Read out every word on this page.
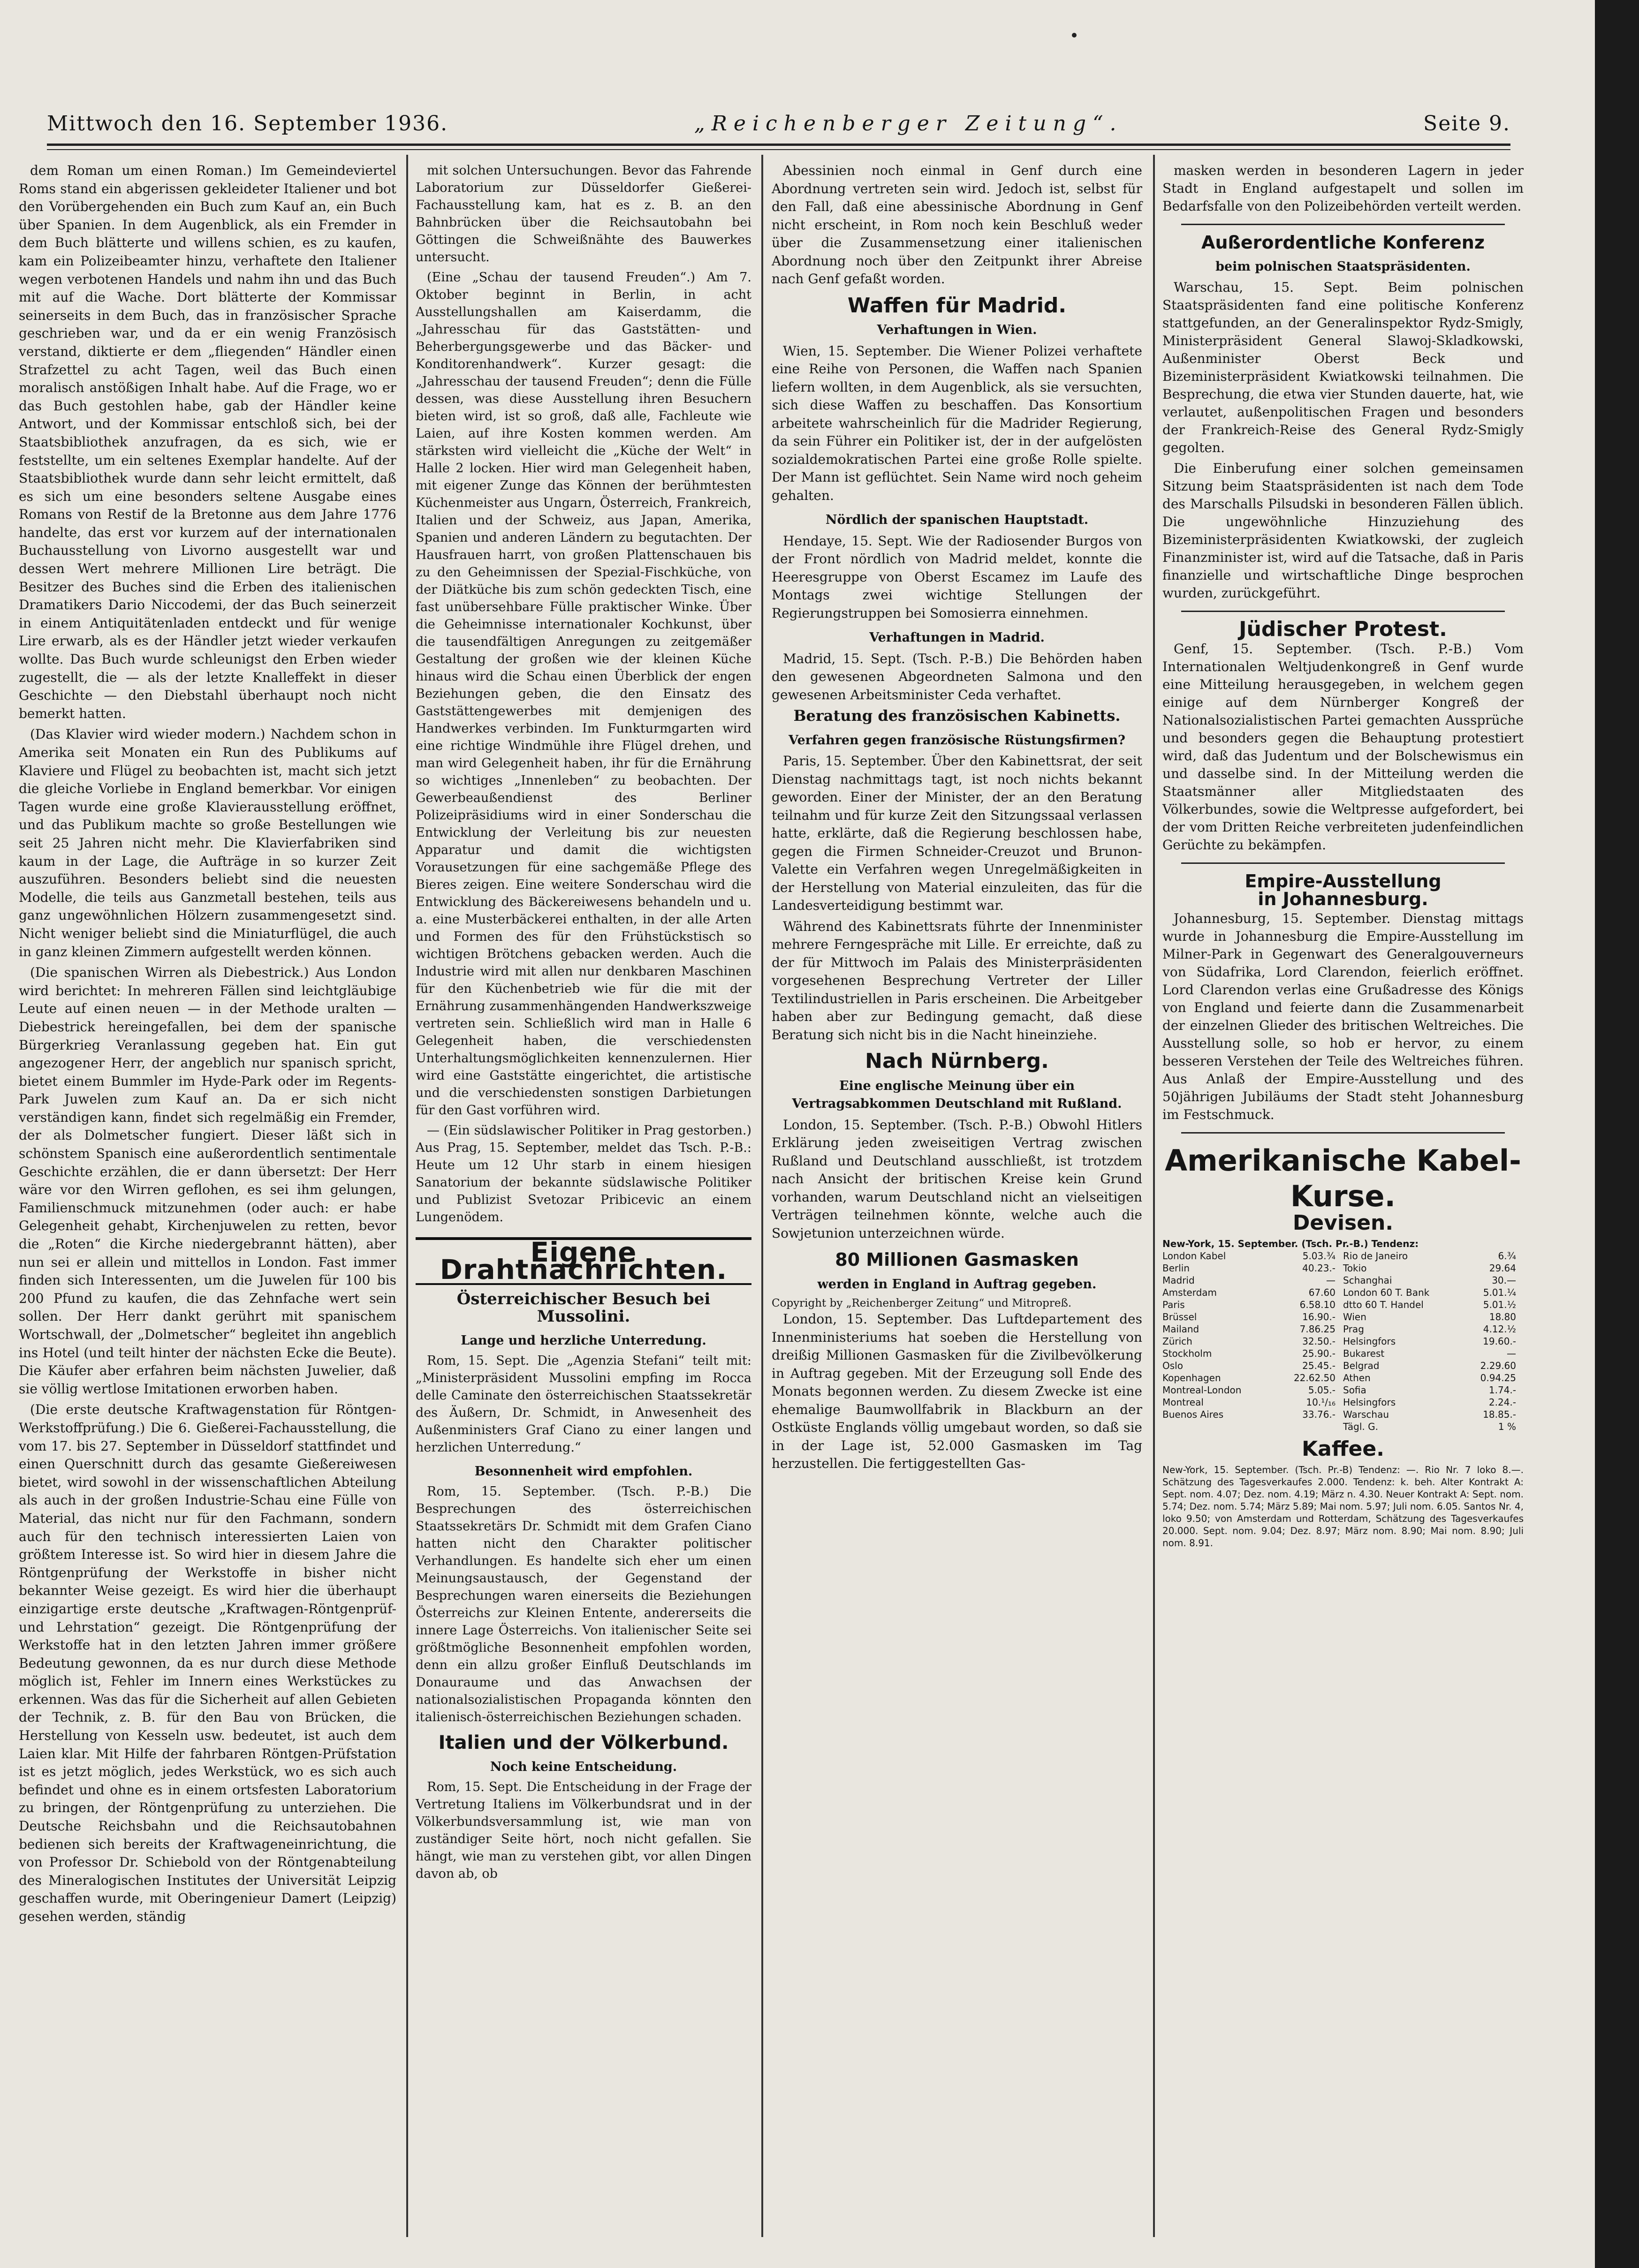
Mittwoch den 16. September 1936.	„Reichenberger Zeitung“.	Seite 9.

dem Roman um einen Roman.) Im Gemeindeviertel Roms stand ein abgerissen gekleideter Italiener und bot den Vorübergehenden ein Buch zum Kauf an, ein Buch über Spanien. In dem Augenblick, als ein Fremder in dem Buch blätterte und willens schien, es zu kaufen, kam ein Polizeibeamter hinzu, verhaftete den Italiener wegen verbotenen Handels und nahm ihn und das Buch mit auf die Wache. Dort blätterte der Kommissar seinerseits in dem Buch, das in französischer Sprache geschrieben war, und da er ein wenig Französisch verstand, diktierte er dem „fliegenden“ Händler einen Strafzettel zu acht Tagen, weil das Buch einen moralisch anstößigen Inhalt habe. Auf die Frage, wo er das Buch gestohlen habe, gab der Händler keine Antwort, und der Kommissar entschloß sich, bei der Staatsbibliothek anzufragen, da es sich, wie er feststellte, um ein seltenes Exemplar handelte. Auf der Staatsbibliothek wurde dann sehr leicht ermittelt, daß es sich um eine besonders seltene Ausgabe eines Romans von Restif de la Bretonne aus dem Jahre 1776 handelte, das erst vor kurzem auf der internationalen Buchausstellung von Livorno ausgestellt war und dessen Wert mehrere Millionen Lire beträgt. Die Besitzer des Buches sind die Erben des italienischen Dramatikers Dario Niccodemi, der das Buch seinerzeit in einem Antiquitätenladen entdeckt und für wenige Lire erwarb, als es der Händler jetzt wieder verkaufen wollte. Das Buch wurde schleunigst den Erben wieder zugestellt, die — als der letzte Knalleffekt in dieser Geschichte — den Diebstahl überhaupt noch nicht bemerkt hatten.

(Das Klavier wird wieder modern.) Nachdem schon in Amerika seit Monaten ein Run des Publikums auf Klaviere und Flügel zu beobachten ist, macht sich jetzt die gleiche Vorliebe in England bemerkbar. Vor einigen Tagen wurde eine große Klavierausstellung eröffnet, und das Publikum machte so große Bestellungen wie seit 25 Jahren nicht mehr. Die Klavierfabriken sind kaum in der Lage, die Aufträge in so kurzer Zeit auszuführen. Besonders beliebt sind die neuesten Modelle, die teils aus Ganzmetall bestehen, teils aus ganz ungewöhnlichen Hölzern zusammengesetzt sind. Nicht weniger beliebt sind die Miniaturflügel, die auch in ganz kleinen Zimmern aufgestellt werden können.

(Die spanischen Wirren als Diebestrick.) Aus London wird berichtet: In mehreren Fällen sind leichtgläubige Leute auf einen neuen — in der Methode uralten — Diebestrick hereingefallen, bei dem der spanische Bürgerkrieg Veranlassung gegeben hat. Ein gut angezogener Herr, der angeblich nur spanisch spricht, bietet einem Bummler im Hyde-Park oder im Regents-Park Juwelen zum Kauf an. Da er sich nicht verständigen kann, findet sich regelmäßig ein Fremder, der als Dolmetscher fungiert. Dieser läßt sich in schönstem Spanisch eine außerordentlich sentimentale Geschichte erzählen, die er dann übersetzt: Der Herr wäre vor den Wirren geflohen, es sei ihm gelungen, Familienschmuck mitzunehmen (oder auch: er habe Gelegenheit gehabt, Kirchenjuwelen zu retten, bevor die „Roten“ die Kirche niedergebrannt hätten), aber nun sei er allein und mittellos in London. Fast immer finden sich Interessenten, um die Juwelen für 100 bis 200 Pfund zu kaufen, die das Zehnfache wert sein sollen. Der Herr dankt gerührt mit spanischem Wortschwall, der „Dolmetscher“ begleitet ihn angeblich ins Hotel (und teilt hinter der nächsten Ecke die Beute). Die Käufer aber erfahren beim nächsten Juwelier, daß sie völlig wertlose Imitationen erworben haben.

(Die erste deutsche Kraftwagenstation für Röntgen-Werkstoffprüfung.) Die 6. Gießerei-Fachausstellung, die vom 17. bis 27. September in Düsseldorf stattfindet und einen Querschnitt durch das gesamte Gießereiwesen bietet, wird sowohl in der wissenschaftlichen Abteilung als auch in der großen Industrie-Schau eine Fülle von Material, das nicht nur für den Fachmann, sondern auch für den technisch interessierten Laien von größtem Interesse ist. So wird hier in diesem Jahre die Röntgenprüfung der Werkstoffe in bisher nicht bekannter Weise gezeigt. Es wird hier die überhaupt einzigartige erste deutsche „Kraftwagen-Röntgenprüf- und Lehrstation“ gezeigt. Die Röntgenprüfung der Werkstoffe hat in den letzten Jahren immer größere Bedeutung gewonnen, da es nur durch diese Methode möglich ist, Fehler im Innern eines Werkstückes zu erkennen. Was das für die Sicherheit auf allen Gebieten der Technik, z. B. für den Bau von Brücken, die Herstellung von Kesseln usw. bedeutet, ist auch dem Laien klar. Mit Hilfe der fahrbaren Röntgen-Prüfstation ist es jetzt möglich, jedes Werkstück, wo es sich auch befindet und ohne es in einem ortsfesten Laboratorium zu bringen, der Röntgenprüfung zu unterziehen. Die Deutsche Reichsbahn und die Reichsautobahnen bedienen sich bereits der Kraftwageneinrichtung, die von Professor Dr. Schiebold von der Röntgenabteilung des Mineralogischen Institutes der Universität Leipzig geschaffen wurde, mit Oberingenieur Damert (Leipzig) gesehen werden, ständig

mit solchen Untersuchungen. Bevor das Fahrende Laboratorium zur Düsseldorfer Gießerei-Fachausstellung kam, hat es z. B. an den Bahnbrücken über die Reichsautobahn bei Göttingen die Schweißnähte des Bauwerkes untersucht.

(Eine „Schau der tausend Freuden“.) Am 7. Oktober beginnt in Berlin, in acht Ausstellungshallen am Kaiserdamm, die „Jahresschau für das Gaststätten- und Beherbergungsgewerbe und das Bäcker- und Konditorenhandwerk“. Kurzer gesagt: die „Jahresschau der tausend Freuden“; denn die Fülle dessen, was diese Ausstellung ihren Besuchern bieten wird, ist so groß, daß alle, Fachleute wie Laien, auf ihre Kosten kommen werden. Am stärksten wird vielleicht die „Küche der Welt“ in Halle 2 locken. Hier wird man Gelegenheit haben, mit eigener Zunge das Können der berühmtesten Küchenmeister aus Ungarn, Österreich, Frankreich, Italien und der Schweiz, aus Japan, Amerika, Spanien und anderen Ländern zu begutachten. Der Hausfrauen harrt, von großen Plattenschauen bis zu den Geheimnissen der Spezial-Fischküche, von der Diätküche bis zum schön gedeckten Tisch, eine fast unübersehbare Fülle praktischer Winke. Über die Geheimnisse internationaler Kochkunst, über die tausendfältigen Anregungen zu zeitgemäßer Gestaltung der großen wie der kleinen Küche hinaus wird die Schau einen Überblick der engen Beziehungen geben, die den Einsatz des Gaststättengewerbes mit demjenigen des Handwerkes verbinden. Im Funkturmgarten wird eine richtige Windmühle ihre Flügel drehen, und man wird Gelegenheit haben, ihr für die Ernährung so wichtiges „Innenleben“ zu beobachten. Der Gewerbeaußendienst des Berliner Polizeipräsidiums wird in einer Sonderschau die Entwicklung der Verleitung bis zur neuesten Apparatur und damit die wichtigsten Vorausetzungen für eine sachgemäße Pflege des Bieres zeigen. Eine weitere Sonderschau wird die Entwicklung des Bäckereiwesens behandeln und u. a. eine Musterbäckerei enthalten, in der alle Arten und Formen des für den Frühstückstisch so wichtigen Brötchens gebacken werden. Auch die Industrie wird mit allen nur denkbaren Maschinen für den Küchenbetrieb wie für die mit der Ernährung zusammenhängenden Handwerkszweige vertreten sein. Schließlich wird man in Halle 6 Gelegenheit haben, die verschiedensten Unterhaltungsmöglichkeiten kennenzulernen. Hier wird eine Gaststätte eingerichtet, die artistische und die verschiedensten sonstigen Darbietungen für den Gast vorführen wird.

— (Ein südslawischer Politiker in Prag gestorben.) Aus Prag, 15. September, meldet das Tsch. P.-B.: Heute um 12 Uhr starb in einem hiesigen Sanatorium der bekannte südslawische Politiker und Publizist Svetozar Pribicevic an einem Lungenödem.

Eigene Drahtnachrichten.
Österreichischer Besuch bei Mussolini.
Lange und herzliche Unterredung.

Rom, 15. Sept. Die „Agenzia Stefani“ teilt mit: „Ministerpräsident Mussolini empfing im Rocca delle Caminate den österreichischen Staatssekretär des Äußern, Dr. Schmidt, in Anwesenheit des Außenministers Graf Ciano zu einer langen und herzlichen Unterredung.“

Besonnenheit wird empfohlen.

Rom, 15. September. (Tsch. P.-B.) Die Besprechungen des österreichischen Staatssekretärs Dr. Schmidt mit dem Grafen Ciano hatten nicht den Charakter politischer Verhandlungen. Es handelte sich eher um einen Meinungsaustausch, der Gegenstand der Besprechungen waren einerseits die Beziehungen Österreichs zur Kleinen Entente, andererseits die innere Lage Österreichs. Von italienischer Seite sei größtmögliche Besonnenheit empfohlen worden, denn ein allzu großer Einfluß Deutschlands im Donauraume und das Anwachsen der nationalsozialistischen Propaganda könnten den italienisch-österreichischen Beziehungen schaden.

Italien und der Völkerbund.
Noch keine Entscheidung.

Rom, 15. Sept. Die Entscheidung in der Frage der Vertretung Italiens im Völkerbundsrat und in der Völkerbundsversammlung ist, wie man von zuständiger Seite hört, noch nicht gefallen. Sie hängt, wie man zu verstehen gibt, vor allen Dingen davon ab, ob

Abessinien noch einmal in Genf durch eine Abordnung vertreten sein wird. Jedoch ist, selbst für den Fall, daß eine abessinische Abordnung in Genf nicht erscheint, in Rom noch kein Beschluß weder über die Zusammensetzung einer italienischen Abordnung noch über den Zeitpunkt ihrer Abreise nach Genf gefaßt worden.

Waffen für Madrid.
Verhaftungen in Wien.

Wien, 15. September. Die Wiener Polizei verhaftete eine Reihe von Personen, die Waffen nach Spanien liefern wollten, in dem Augenblick, als sie versuchten, sich diese Waffen zu beschaffen. Das Konsortium arbeitete wahrscheinlich für die Madrider Regierung, da sein Führer ein Politiker ist, der in der aufgelösten sozialdemokratischen Partei eine große Rolle spielte. Der Mann ist geflüchtet. Sein Name wird noch geheim gehalten.

Nördlich der spanischen Hauptstadt.

Hendaye, 15. Sept. Wie der Radiosender Burgos von der Front nördlich von Madrid meldet, konnte die Heeresgruppe von Oberst Escamez im Laufe des Montags zwei wichtige Stellungen der Regierungstruppen bei Somosierra einnehmen.

Verhaftungen in Madrid.

Madrid, 15. Sept. (Tsch. P.-B.) Die Behörden haben den gewesenen Abgeordneten Salmona und den gewesenen Arbeitsminister Ceda verhaftet.

Beratung des französischen Kabinetts.
Verfahren gegen französische Rüstungsfirmen?

Paris, 15. September. Über den Kabinettsrat, der seit Dienstag nachmittags tagt, ist noch nichts bekannt geworden. Einer der Minister, der an den Beratung teilnahm und für kurze Zeit den Sitzungssaal verlassen hatte, erklärte, daß die Regierung beschlossen habe, gegen die Firmen Schneider-Creuzot und Brunon-Valette ein Verfahren wegen Unregelmäßigkeiten in der Herstellung von Material einzuleiten, das für die Landesverteidigung bestimmt war.

Während des Kabinettsrats führte der Innenminister mehrere Ferngespräche mit Lille. Er erreichte, daß zu der für Mittwoch im Palais des Ministerpräsidenten vorgesehenen Besprechung Vertreter der Liller Textilindustriellen in Paris erscheinen. Die Arbeitgeber haben aber zur Bedingung gemacht, daß diese Beratung sich nicht bis in die Nacht hineinziehe.

Nach Nürnberg.
Eine englische Meinung über ein Vertragsabkommen Deutschland mit Rußland.

London, 15. September. (Tsch. P.-B.) Obwohl Hitlers Erklärung jeden zweiseitigen Vertrag zwischen Rußland und Deutschland ausschließt, ist trotzdem nach Ansicht der britischen Kreise kein Grund vorhanden, warum Deutschland nicht an vielseitigen Verträgen teilnehmen könnte, welche auch die Sowjetunion unterzeichnen würde.

80 Millionen Gasmasken
werden in England in Auftrag gegeben.
Copyright by „Reichenberger Zeitung“ und Mitropreß.

London, 15. September. Das Luftdepartement des Innenministeriums hat soeben die Herstellung von dreißig Millionen Gasmasken für die Zivilbevölkerung in Auftrag gegeben. Mit der Erzeugung soll Ende des Monats begonnen werden. Zu diesem Zwecke ist eine ehemalige Baumwollfabrik in Blackburn an der Ostküste Englands völlig umgebaut worden, so daß sie in der Lage ist, 52.000 Gasmasken im Tag herzustellen. Die fertiggestellten Gas-

masken werden in besonderen Lagern in jeder Stadt in England aufgestapelt und sollen im Bedarfsfalle von den Polizeibehörden verteilt werden.

Außerordentliche Konferenz
beim polnischen Staatspräsidenten.

Warschau, 15. Sept. Beim polnischen Staatspräsidenten fand eine politische Konferenz stattgefunden, an der Generalinspektor Rydz-Smigly, Ministerpräsident General Slawoj-Skladkowski, Außenminister Oberst Beck und Bizeministerpräsident Kwiatkowski teilnahmen. Die Besprechung, die etwa vier Stunden dauerte, hat, wie verlautet, außenpolitischen Fragen und besonders der Frankreich-Reise des General Rydz-Smigly gegolten.

Die Einberufung einer solchen gemeinsamen Sitzung beim Staatspräsidenten ist nach dem Tode des Marschalls Pilsudski in besonderen Fällen üblich. Die ungewöhnliche Hinzuziehung des Bizeministerpräsidenten Kwiatkowski, der zugleich Finanzminister ist, wird auf die Tatsache, daß in Paris finanzielle und wirtschaftliche Dinge besprochen wurden, zurückgeführt.

Jüdischer Protest.

Genf, 15. September. (Tsch. P.-B.) Vom Internationalen Weltjudenkongreß in Genf wurde eine Mitteilung herausgegeben, in welchem gegen einige auf dem Nürnberger Kongreß der Nationalsozialistischen Partei gemachten Aussprüche und besonders gegen die Behauptung protestiert wird, daß das Judentum und der Bolschewismus ein und dasselbe sind. In der Mitteilung werden die Staatsmänner aller Mitgliedstaaten des Völkerbundes, sowie die Weltpresse aufgefordert, bei der vom Dritten Reiche verbreiteten judenfeindlichen Gerüchte zu bekämpfen.

Empire-Ausstellung
in Johannesburg.

Johannesburg, 15. September. Dienstag mittags wurde in Johannesburg die Empire-Ausstellung im Milner-Park in Gegenwart des Generalgouverneurs von Südafrika, Lord Clarendon, feierlich eröffnet. Lord Clarendon verlas eine Grußadresse des Königs von England und feierte dann die Zusammenarbeit der einzelnen Glieder des britischen Weltreiches. Die Ausstellung solle, so hob er hervor, zu einem besseren Verstehen der Teile des Weltreiches führen. Aus Anlaß der Empire-Ausstellung und des 50jährigen Jubiläums der Stadt steht Johannesburg im Festschmuck.

Amerikanische Kabel-
Kurse.
Devisen.
New-York, 15. September. (Tsch. Pr.-B.) Tendenz:
London Kabel	5.03.¾ Rio de Janeiro	6.¾
Berlin	40.23.- Tokio	29.64
Madrid	— Schanghai	30.—
Amsterdam	67.60 London 60 T. Bank	5.01.¼
Paris	6.58.10 dtto 60 T. Handel	5.01.½
Brüssel	16.90.- Wien	18.80
Mailand	7.86.25 Prag	4.12.½
Zürich	32.50.- Helsingfors	19.60.-
Stockholm	25.90.- Bukarest	—
Oslo	25.45.- Belgrad	2.29.60
Kopenhagen	22.62.50 Athen	0.94.25
Montreal-London	5.05.- Sofia	1.74.-
Montreal	10.¹/₁₆ Helsingfors	2.24.-
Buenos Aires	33.76.- Warschau	18.85.-
Tägl. G.	1 %
Kaffee.
New-York, 15. September. (Tsch. Pr.-B) Tendenz: —. Rio Nr. 7 loko 8.—. Schätzung des Tagesverkaufes 2.000. Tendenz: k. beh. Alter Kontrakt A: Sept. nom. 4.07; Dez. nom. 4.19; März n. 4.30. Neuer Kontrakt A: Sept. nom. 5.74; Dez. nom. 5.74; März 5.89; Mai nom. 5.97; Juli nom. 6.05. Santos Nr. 4, loko 9.50; von Amsterdam und Rotterdam, Schätzung des Tagesverkaufes 20.000. Sept. nom. 9.04; Dez. 8.97; März nom. 8.90; Mai nom. 8.90; Juli nom. 8.91.
